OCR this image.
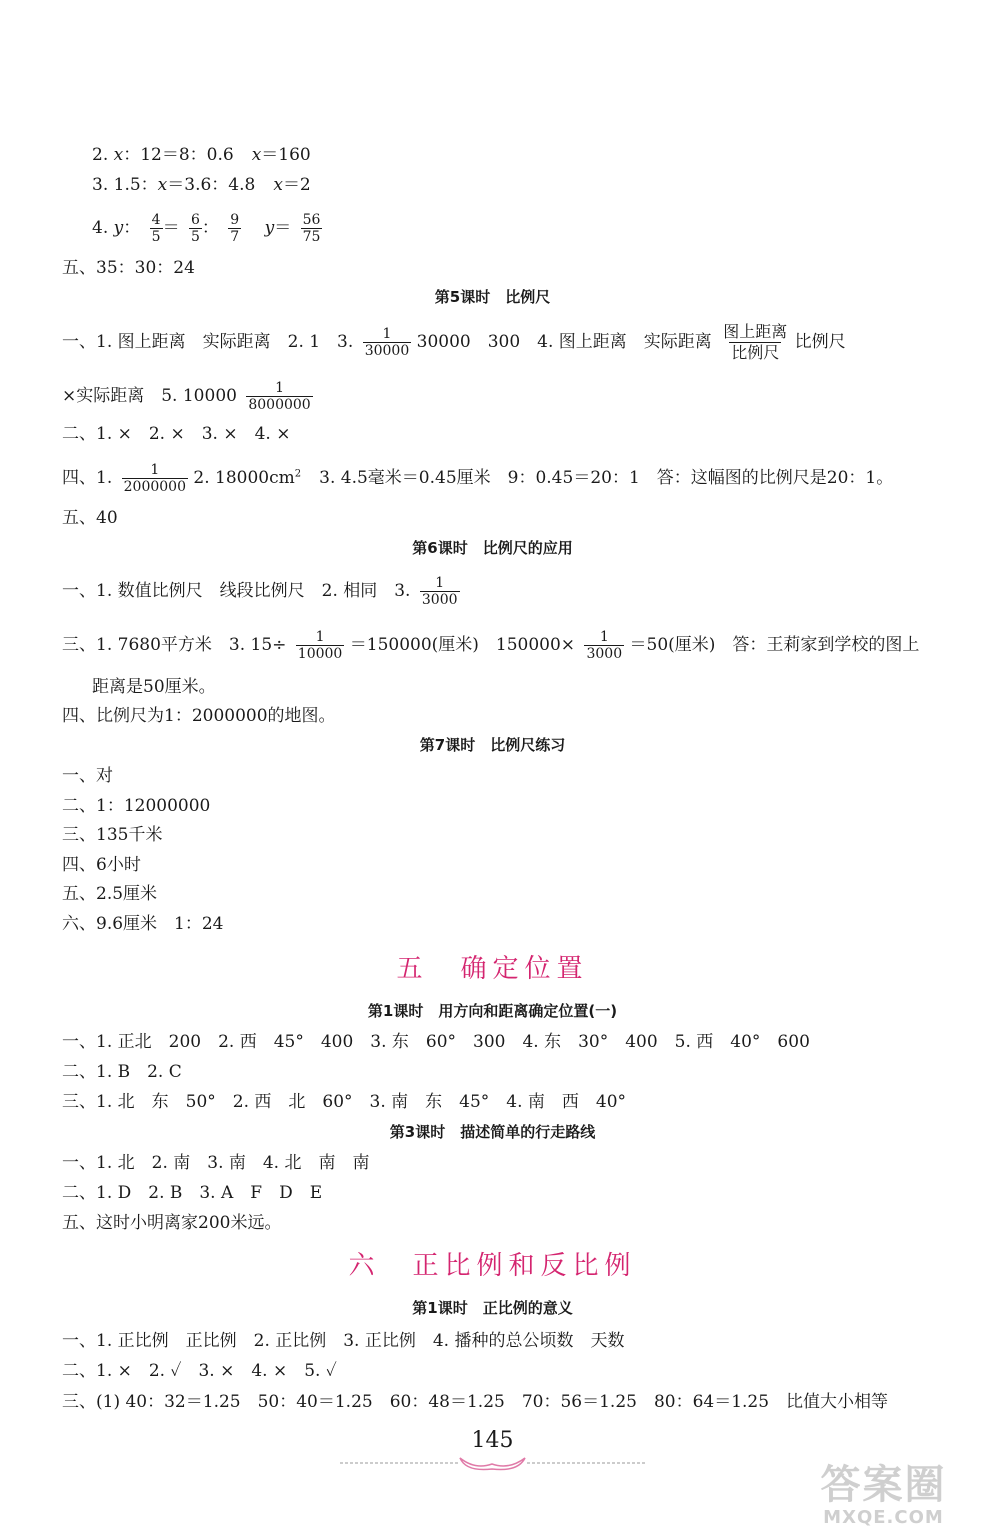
2. x：12＝8：0.6 x＝160
3. 1.5：x＝3.6：4.8 x＝2
4. y： $\frac{4}{5} = \frac{6}{5}$ ： $\frac{9}{7} y= \frac{56}{75}$
五、35：30：24
第5课时　比例尺
一、1. 图上距离　实际距离　2. 1　3. $\frac{1}{30000} 30000$　300　4. 图上距离　实际距离 $\frac{\text{图上距离}}{\text{比例尺}}$ 比例尺
×实际距离　5. $10000 \frac{1}{8000000}$
二、1. ×　2. ×　3. ×　4. ×
四、1. $\frac{1}{2000000} 2$. $18000cm^2$ 3. 4.5毫米＝0.45厘米　9：0.45＝20：1　答：这幅图的比例尺是20：1。
五、40
第6课时　比例尺的应用
一、1. 数值比例尺　线段比例尺　2. 相同　3. $\frac{1}{3000}$
三、1. 7680平方米　3. $15\div \frac{1}{10000} =150000$(厘米)　$150000\times \frac{1}{3000} =50$(厘米)　答：王莉家到学校的图上
距离是50厘米。
四、比例尺为1：2000000的地图。
第7课时　比例尺练习
一、对
二、1：12000000
三、135千米
四、6小时
五、2.5厘米
六、9.6厘米　1：24
五　确定位置
第1课时　用方向和距离确定位置(一)
一、1. 正北　200　2. 西　45°　400　3. 东　60°　300　4. 东　30°　400　5. 西　40°　600
二、1. B　2. C
三、1. 北　东　50°　2. 西　北　60°　3. 南　东　45°　4. 南　西　40°
第3课时　描述简单的行走路线
一、1. 北　2. 南　3. 南　4. 北　南　南
二、1. D　2. B　3. A　F　D　E
五、这时小明离家200米远。
六　正比例和反比例
第1课时　正比例的意义
一、1. 正比例　正比例　2. 正比例　3. 正比例　4. 播种的总公顷数　天数
二、1. ×　2. ✓　3. ×　4. ×　5. ✓
三、(1) 40：32＝1.25　50：40＝1.25　60：48＝1.25　70：56＝1.25　80：64＝1.25　比值大小相等
145
答案圈
MXQE.COM
